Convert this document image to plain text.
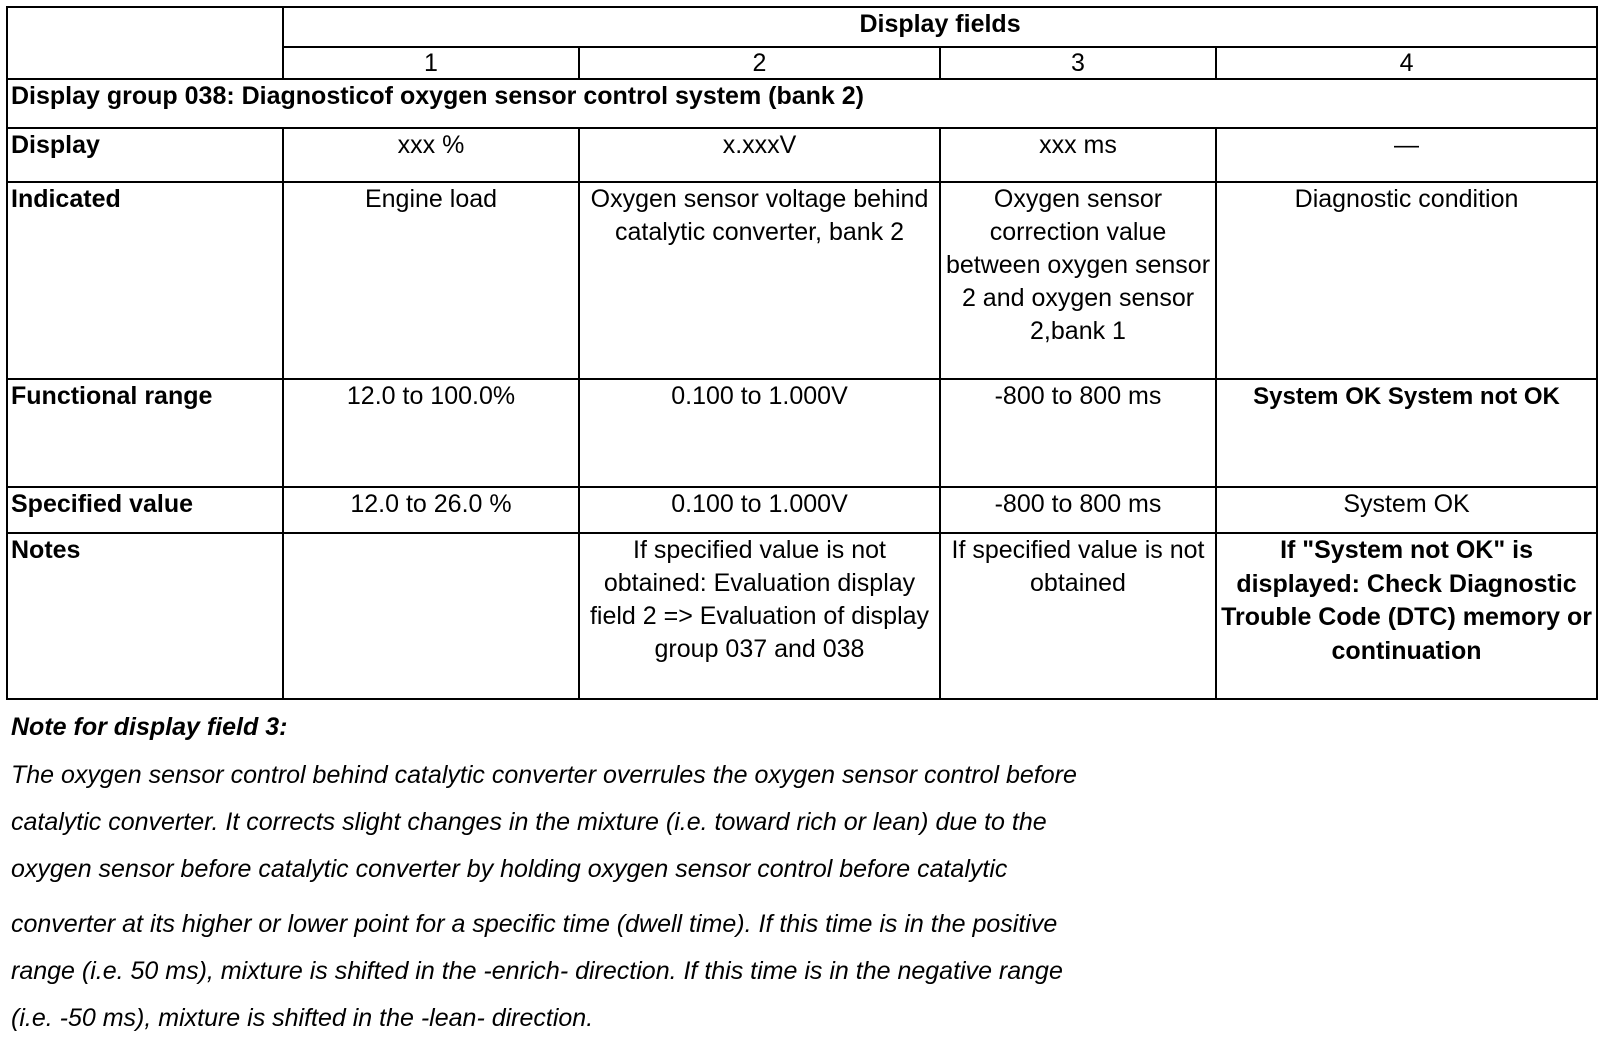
	Display fields			
	1	2	3	4
Display group 038: Diagnosticof oxygen sensor control system (bank 2)				
Display	xxx %	x.xxxV	xxx ms	—
Indicated	Engine load	Oxygen sensor voltage behind catalytic converter, bank 2	Oxygen sensor correction value between oxygen sensor 2 and oxygen sensor 2,bank 1	Diagnostic condition
Functional range	12.0 to 100.0%	0.100 to 1.000V	-800 to 800 ms	System OK System not OK
Specified value	12.0 to 26.0 %	0.100 to 1.000V	-800 to 800 ms	System OK
Notes		If specified value is not obtained: Evaluation display field 2 => Evaluation of display group 037 and 038	If specified value is not obtained	If "System not OK" is displayed: Check Diagnostic Trouble Code (DTC) memory or continuation
Note for display field 3:
The oxygen sensor control behind catalytic converter overrules the oxygen sensor control before
catalytic converter. It corrects slight changes in the mixture (i.e. toward rich or lean) due to the
oxygen sensor before catalytic converter by holding oxygen sensor control before catalytic
converter at its higher or lower point for a specific time (dwell time). If this time is in the positive
range (i.e. 50 ms), mixture is shifted in the -enrich- direction. If this time is in the negative range
(i.e. -50 ms), mixture is shifted in the -lean- direction.
